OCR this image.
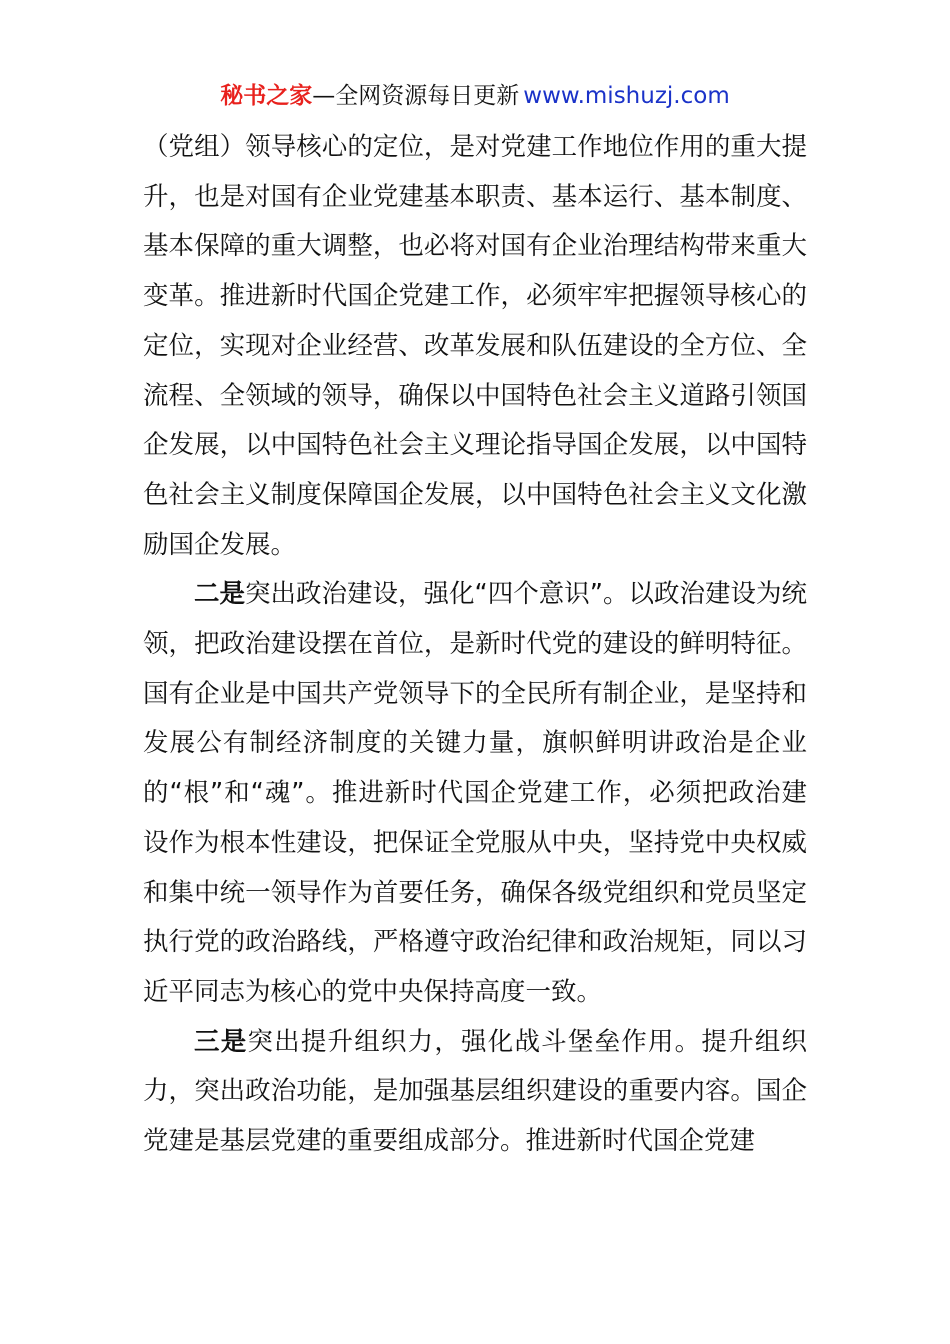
秘书之家—全网资源每日更新 www.mishuzj.com

（党组）领导核心的定位，是对党建工作地位作用的重大提升，也是对国有企业党建基本职责、基本运行、基本制度、基本保障的重大调整，也必将对国有企业治理结构带来重大变革。推进新时代国企党建工作，必须牢牢把握领导核心的定位，实现对企业经营、改革发展和队伍建设的全方位、全流程、全领域的领导，确保以中国特色社会主义道路引领国企发展，以中国特色社会主义理论指导国企发展，以中国特色社会主义制度保障国企发展，以中国特色社会主义文化激励国企发展。

二是突出政治建设，强化“四个意识”。以政治建设为统领，把政治建设摆在首位，是新时代党的建设的鲜明特征。国有企业是中国共产党领导下的全民所有制企业，是坚持和发展公有制经济制度的关键力量，旗帜鲜明讲政治是企业的“根”和“魂”。推进新时代国企党建工作，必须把政治建设作为根本性建设，把保证全党服从中央，坚持党中央权威和集中统一领导作为首要任务，确保各级党组织和党员坚定执行党的政治路线，严格遵守政治纪律和政治规矩，同以习近平同志为核心的党中央保持高度一致。

三是突出提升组织力，强化战斗堡垒作用。提升组织力，突出政治功能，是加强基层组织建设的重要内容。国企党建是基层党建的重要组成部分。推进新时代国企党建
